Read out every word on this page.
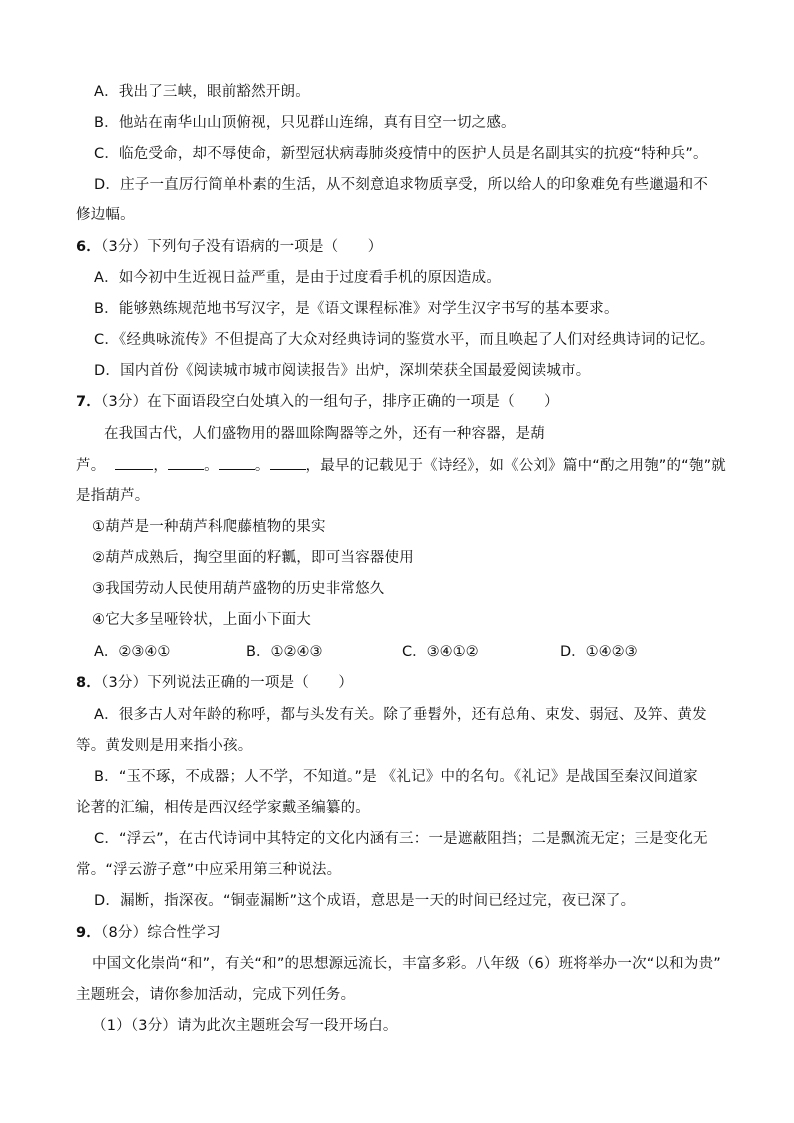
A．我出了三峡，眼前豁然开朗。
B．他站在南华山山顶俯视，只见群山连绵，真有目空一切之感。
C．临危受命，却不辱使命，新型冠状病毒肺炎疫情中的医护人员是名副其实的抗疫“特种兵”。
D．庄子一直厉行简单朴素的生活，从不刻意追求物质享受，所以给人的印象难免有些邋遢和不
修边幅。
6．（3分）下列句子没有语病的一项是（　　）
A．如今初中生近视日益严重，是由于过度看手机的原因造成。
B．能够熟练规范地书写汉字，是《语文课程标准》对学生汉字书写的基本要求。
C．《经典咏流传》不但提高了大众对经典诗词的鉴赏水平，而且唤起了人们对经典诗词的记忆。
D．国内首份《阅读城市城市阅读报告》出炉，深圳荣获全国最爱阅读城市。
7．（3分）在下面语段空白处填入的一组句子，排序正确的一项是（　　）
在我国古代，人们盛物用的器皿除陶器等之外，还有一种容器，是葫
芦。	， 。 。 ，最早的记载见于《诗经》，如《公刘》篇中“酌之用匏”的“匏”就
是指葫芦。
①葫芦是一种葫芦科爬藤植物的果实
②葫芦成熟后，掏空里面的籽瓤，即可当容器使用
③我国劳动人民使用葫芦盛物的历史非常悠久
④它大多呈哑铃状，上面小下面大
A．②③④①	B．①②④③	C．③④①②	D．①④②③
8．（3分）下列说法正确的一项是（　　）
A．很多古人对年龄的称呼，都与头发有关。除了垂髫外，还有总角、束发、弱冠、及笄、黄发
等。黄发则是用来指小孩。
B．“玉不琢，不成器；人不学，不知道。”是 《礼记》中的名句。《礼记》是战国至秦汉间道家
论著的汇编，相传是西汉经学家戴圣编纂的。
C．“浮云”，在古代诗词中其特定的文化内涵有三：一是遮蔽阻挡；二是飘流无定；三是变化无
常。“浮云游子意”中应采用第三种说法。
D．漏断，指深夜。“铜壶漏断”这个成语，意思是一天的时间已经过完，夜已深了。
9．（8分）综合性学习
中国文化崇尚“和”，有关“和”的思想源远流长，丰富多彩。八年级（6）班将举办一次“以和为贵”
主题班会，请你参加活动，完成下列任务。
（1）（3分）请为此次主题班会写一段开场白。
